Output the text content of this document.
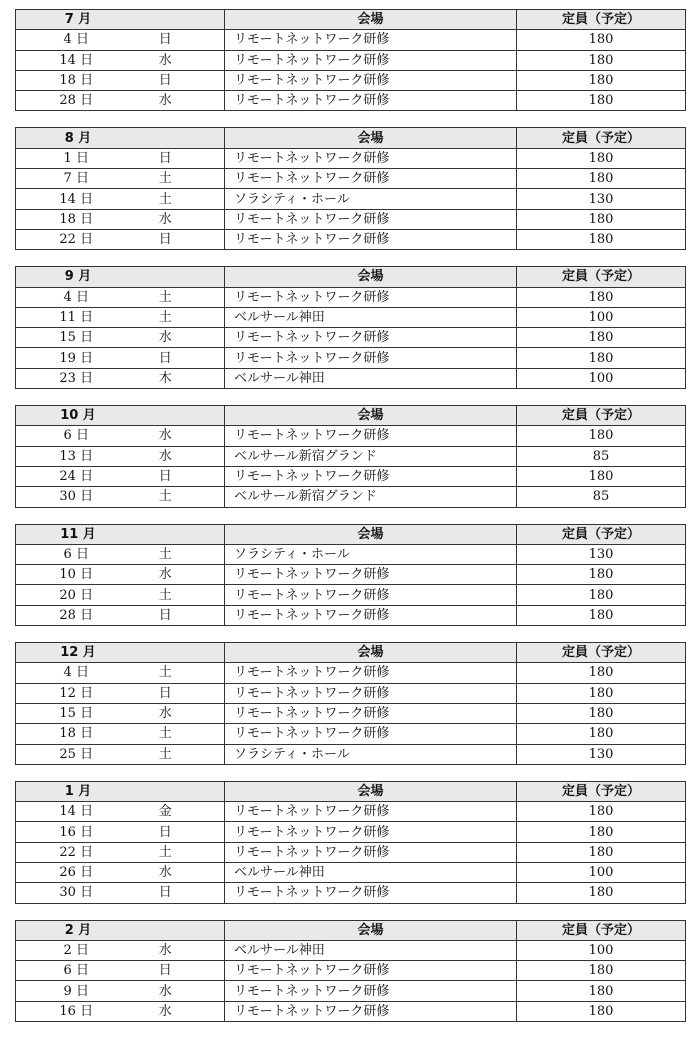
7 月		会場	定員（予定）
4 日	日	リモートネットワーク研修	180
14 日	水	リモートネットワーク研修	180
18 日	日	リモートネットワーク研修	180
28 日	水	リモートネットワーク研修	180
8 月		会場	定員（予定）
1 日	日	リモートネットワーク研修	180
7 日	土	リモートネットワーク研修	180
14 日	土	ソラシティ・ホール	130
18 日	水	リモートネットワーク研修	180
22 日	日	リモートネットワーク研修	180
9 月		会場	定員（予定）
4 日	土	リモートネットワーク研修	180
11 日	土	ベルサール神田	100
15 日	水	リモートネットワーク研修	180
19 日	日	リモートネットワーク研修	180
23 日	木	ベルサール神田	100
10 月		会場	定員（予定）
6 日	水	リモートネットワーク研修	180
13 日	水	ベルサール新宿グランド	85
24 日	日	リモートネットワーク研修	180
30 日	土	ベルサール新宿グランド	85
11 月		会場	定員（予定）
6 日	土	ソラシティ・ホール	130
10 日	水	リモートネットワーク研修	180
20 日	土	リモートネットワーク研修	180
28 日	日	リモートネットワーク研修	180
12 月		会場	定員（予定）
4 日	土	リモートネットワーク研修	180
12 日	日	リモートネットワーク研修	180
15 日	水	リモートネットワーク研修	180
18 日	土	リモートネットワーク研修	180
25 日	土	ソラシティ・ホール	130
1 月		会場	定員（予定）
14 日	金	リモートネットワーク研修	180
16 日	日	リモートネットワーク研修	180
22 日	土	リモートネットワーク研修	180
26 日	水	ベルサール神田	100
30 日	日	リモートネットワーク研修	180
2 月		会場	定員（予定）
2 日	水	ベルサール神田	100
6 日	日	リモートネットワーク研修	180
9 日	水	リモートネットワーク研修	180
16 日	水	リモートネットワーク研修	180
